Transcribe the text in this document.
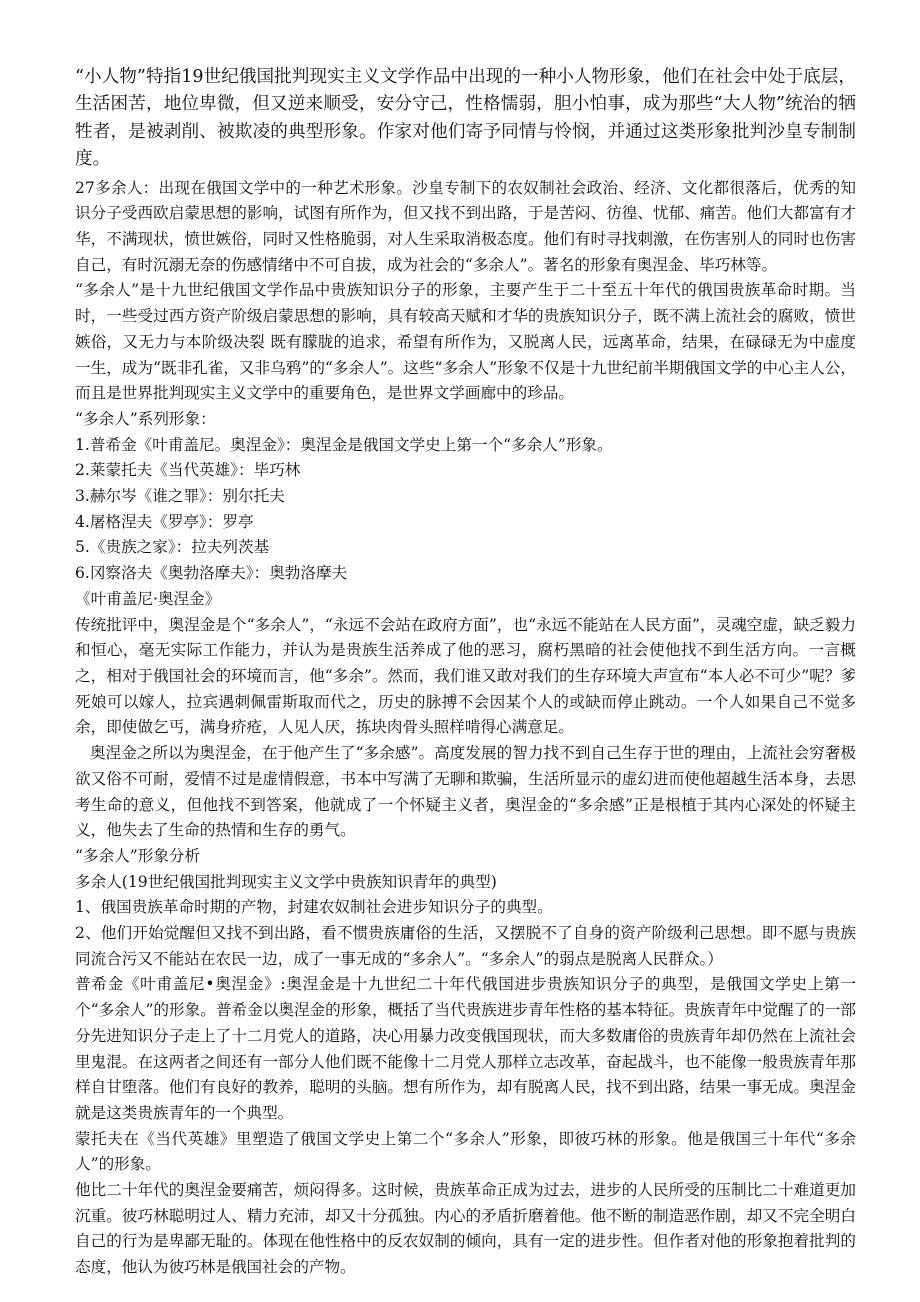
“小人物”特指19世纪俄国批判现实主义文学作品中出现的一种小人物形象，他们在社会中处于底层，生活困苦，地位卑微，但又逆来顺受，安分守己，性格懦弱，胆小怕事，成为那些“大人物”统治的牺牲者，是被剥削、被欺凌的典型形象。作家对他们寄予同情与怜悯，并通过这类形象批判沙皇专制制度。

27多余人：出现在俄国文学中的一种艺术形象。沙皇专制下的农奴制社会政治、经济、文化都很落后，优秀的知识分子受西欧启蒙思想的影响，试图有所作为，但又找不到出路，于是苦闷、彷徨、忧郁、痛苦。他们大都富有才华，不满现状，愤世嫉俗，同时又性格脆弱，对人生采取消极态度。他们有时寻找刺激，在伤害别人的同时也伤害自己，有时沉溺无奈的伤感情绪中不可自拔，成为社会的“多余人”。著名的形象有奥涅金、毕巧林等。

“多余人”是十九世纪俄国文学作品中贵族知识分子的形象，主要产生于二十至五十年代的俄国贵族革命时期。当时，一些受过西方资产阶级启蒙思想的影响，具有较高天赋和才华的贵族知识分子，既不满上流社会的腐败，愤世嫉俗，又无力与本阶级决裂 既有朦胧的追求，希望有所作为，又脱离人民，远离革命，结果，在碌碌无为中虚度一生，成为“既非孔雀，又非乌鸦”的“多余人”。这些“多余人”形象不仅是十九世纪前半期俄国文学的中心主人公，而且是世界批判现实主义文学中的重要角色，是世界文学画廊中的珍品。

“多余人”系列形象：

1.普希金《叶甫盖尼。奥涅金》：奥涅金是俄国文学史上第一个“多余人”形象。

2.莱蒙托夫《当代英雄》：毕巧林

3.赫尔岑《谁之罪》：别尔托夫

4.屠格涅夫《罗亭》：罗亭

5.《贵族之家》：拉夫列茨基

6.冈察洛夫《奥勃洛摩夫》：奥勃洛摩夫

《叶甫盖尼·奥涅金》

传统批评中，奥涅金是个“多余人”，“永远不会站在政府方面”，也“永远不能站在人民方面”，灵魂空虚，缺乏毅力和恒心，毫无实际工作能力，并认为是贵族生活养成了他的恶习，腐朽黑暗的社会使他找不到生活方向。一言概之，相对于俄国社会的环境而言，他“多余”。然而，我们谁又敢对我们的生存环境大声宣布“本人必不可少”呢？爹死娘可以嫁人，拉宾遇刺佩雷斯取而代之，历史的脉搏不会因某个人的或缺而停止跳动。一个人如果自己不觉多余，即使做乞丐，满身疥疮，人见人厌，拣块肉骨头照样啃得心满意足。

奥涅金之所以为奥涅金，在于他产生了“多余感”。高度发展的智力找不到自己生存于世的理由，上流社会穷奢极欲又俗不可耐，爱情不过是虚情假意，书本中写满了无聊和欺骗，生活所显示的虚幻进而使他超越生活本身，去思考生命的意义，但他找不到答案，他就成了一个怀疑主义者，奥涅金的“多余感”正是根植于其内心深处的怀疑主义，他失去了生命的热情和生存的勇气。

“多余人”形象分析

多余人(19世纪俄国批判现实主义文学中贵族知识青年的典型)

1、俄国贵族革命时期的产物，封建农奴制社会进步知识分子的典型。

2、他们开始觉醒但又找不到出路，看不惯贵族庸俗的生活，又摆脱不了自身的资产阶级利己思想。即不愿与贵族同流合污又不能站在农民一边，成了一事无成的“多余人”。“多余人”的弱点是脱离人民群众。）

普希金《叶甫盖尼•奥涅金》:奥涅金是十九世纪二十年代俄国进步贵族知识分子的典型，是俄国文学史上第一个“多余人”的形象。普希金以奥涅金的形象，概括了当代贵族进步青年性格的基本特征。贵族青年中觉醒了的一部分先进知识分子走上了十二月党人的道路，决心用暴力改变俄国现状，而大多数庸俗的贵族青年却仍然在上流社会里鬼混。在这两者之间还有一部分人他们既不能像十二月党人那样立志改革，奋起战斗，也不能像一般贵族青年那样自甘堕落。他们有良好的教养，聪明的头脑。想有所作为，却有脱离人民，找不到出路，结果一事无成。奥涅金就是这类贵族青年的一个典型。

蒙托夫在《当代英雄》里塑造了俄国文学史上第二个“多余人”形象，即彼巧林的形象。他是俄国三十年代“多余人”的形象。

他比二十年代的奥涅金要痛苦，烦闷得多。这时候，贵族革命正成为过去，进步的人民所受的压制比二十难道更加沉重。彼巧林聪明过人、精力充沛，却又十分孤独。内心的矛盾折磨着他。他不断的制造恶作剧，却又不完全明白自己的行为是卑鄙无耻的。体现在他性格中的反农奴制的倾向，具有一定的进步性。但作者对他的形象抱着批判的态度，他认为彼巧林是俄国社会的产物。
